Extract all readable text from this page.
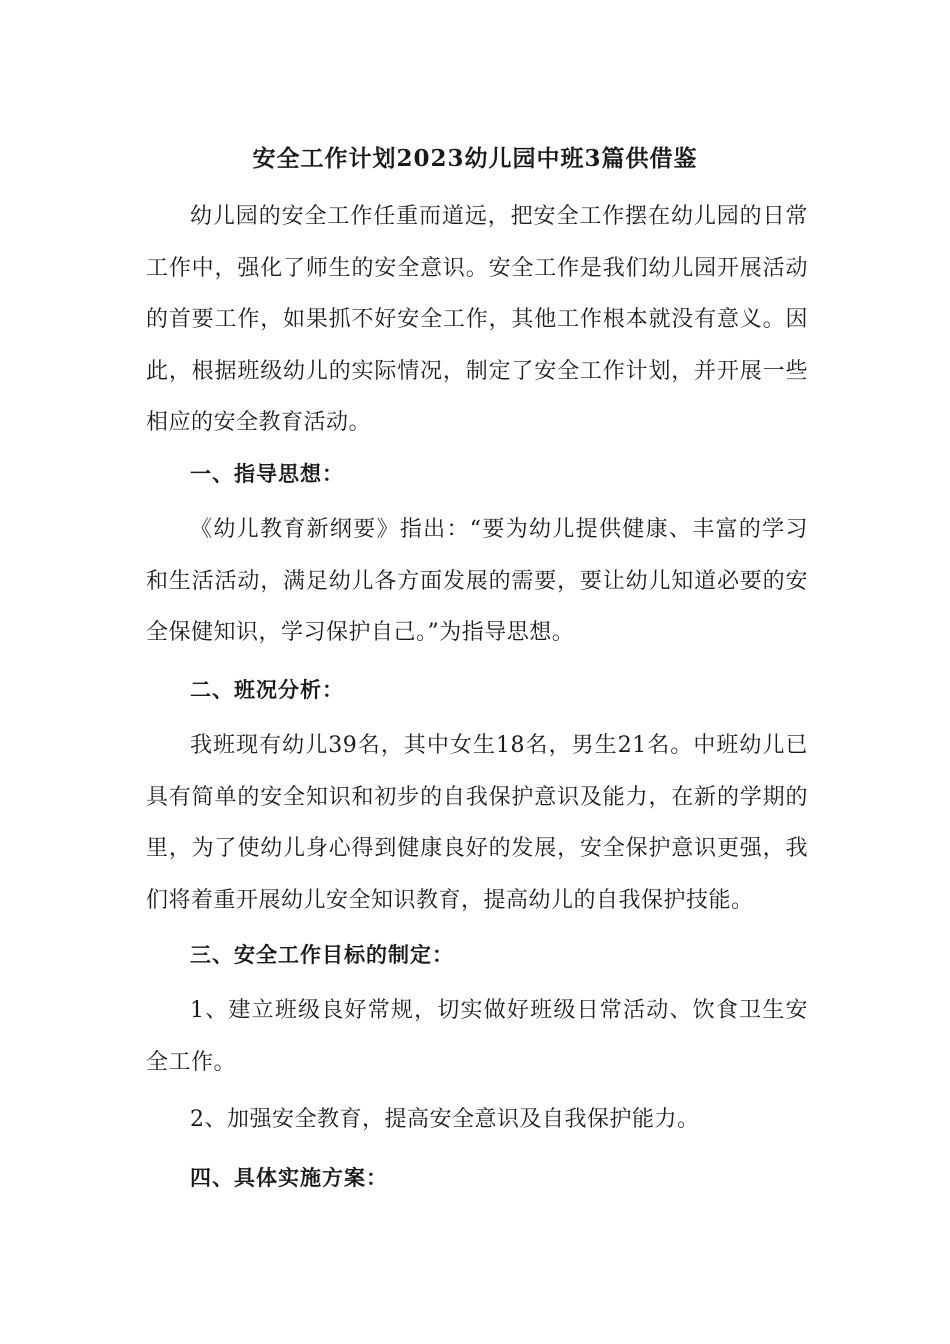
安全工作计划2023幼儿园中班3篇供借鉴

幼儿园的安全工作任重而道远，把安全工作摆在幼儿园的日常工作中，强化了师生的安全意识。安全工作是我们幼儿园开展活动的首要工作，如果抓不好安全工作，其他工作根本就没有意义。因此，根据班级幼儿的实际情况，制定了安全工作计划，并开展一些相应的安全教育活动。

一、指导思想：

《幼儿教育新纲要》指出：“要为幼儿提供健康、丰富的学习和生活活动，满足幼儿各方面发展的需要，要让幼儿知道必要的安全保健知识，学习保护自己。”为指导思想。

二、班况分析：

我班现有幼儿39名，其中女生18名，男生21名。中班幼儿已具有简单的安全知识和初步的自我保护意识及能力，在新的学期的里，为了使幼儿身心得到健康良好的发展，安全保护意识更强，我们将着重开展幼儿安全知识教育，提高幼儿的自我保护技能。

三、安全工作目标的制定：

1、建立班级良好常规，切实做好班级日常活动、饮食卫生安全工作。

2、加强安全教育，提高安全意识及自我保护能力。

四、具体实施方案：
